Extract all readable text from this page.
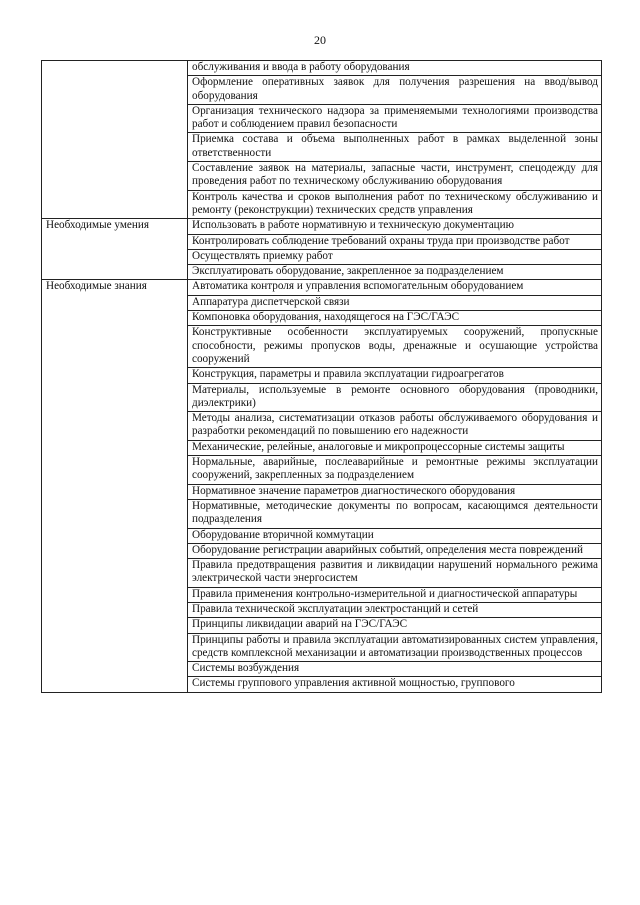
20
	обслуживания и ввода в работу оборудования
	Оформление оперативных заявок для получения разрешения на ввод/вывод оборудования
	Организация технического надзора за применяемыми технологиями производства работ и соблюдением правил безопасности
	Приемка состава и объема выполненных работ в рамках выделенной зоны ответственности
	Составление заявок на материалы, запасные части, инструмент, спецодежду для проведения работ по техническому обслуживанию оборудования
	Контроль качества и сроков выполнения работ по техническому обслуживанию и ремонту (реконструкции) технических средств управления
Необходимые умения	Использовать в работе нормативную и техническую документацию
	Контролировать соблюдение требований охраны труда при производстве работ
	Осуществлять приемку работ
	Эксплуатировать оборудование, закрепленное за подразделением
Необходимые знания	Автоматика контроля и управления вспомогательным оборудованием
	Аппаратура диспетчерской связи
	Компоновка оборудования, находящегося на ГЭС/ГАЭС
	Конструктивные особенности эксплуатируемых сооружений, пропускные способности, режимы пропусков воды, дренажные и осушающие устройства сооружений
	Конструкция, параметры и правила эксплуатации гидроагрегатов
	Материалы, используемые в ремонте основного оборудования (проводники, диэлектрики)
	Методы анализа, систематизации отказов работы обслуживаемого оборудования и разработки рекомендаций по повышению его надежности
	Механические, релейные, аналоговые и микропроцессорные системы защиты
	Нормальные, аварийные, послеаварийные и ремонтные режимы эксплуатации сооружений, закрепленных за подразделением
	Нормативное значение параметров диагностического оборудования
	Нормативные, методические документы по вопросам, касающимся деятельности подразделения
	Оборудование вторичной коммутации
	Оборудование регистрации аварийных событий, определения места повреждений
	Правила предотвращения развития и ликвидации нарушений нормального режима электрической части энергосистем
	Правила применения контрольно-измерительной и диагностической аппаратуры
	Правила технической эксплуатации электростанций и сетей
	Принципы ликвидации аварий на ГЭС/ГАЭС
	Принципы работы и правила эксплуатации автоматизированных систем управления, средств комплексной механизации и автоматизации производственных процессов
	Системы возбуждения
	Системы группового управления активной мощностью, группового
